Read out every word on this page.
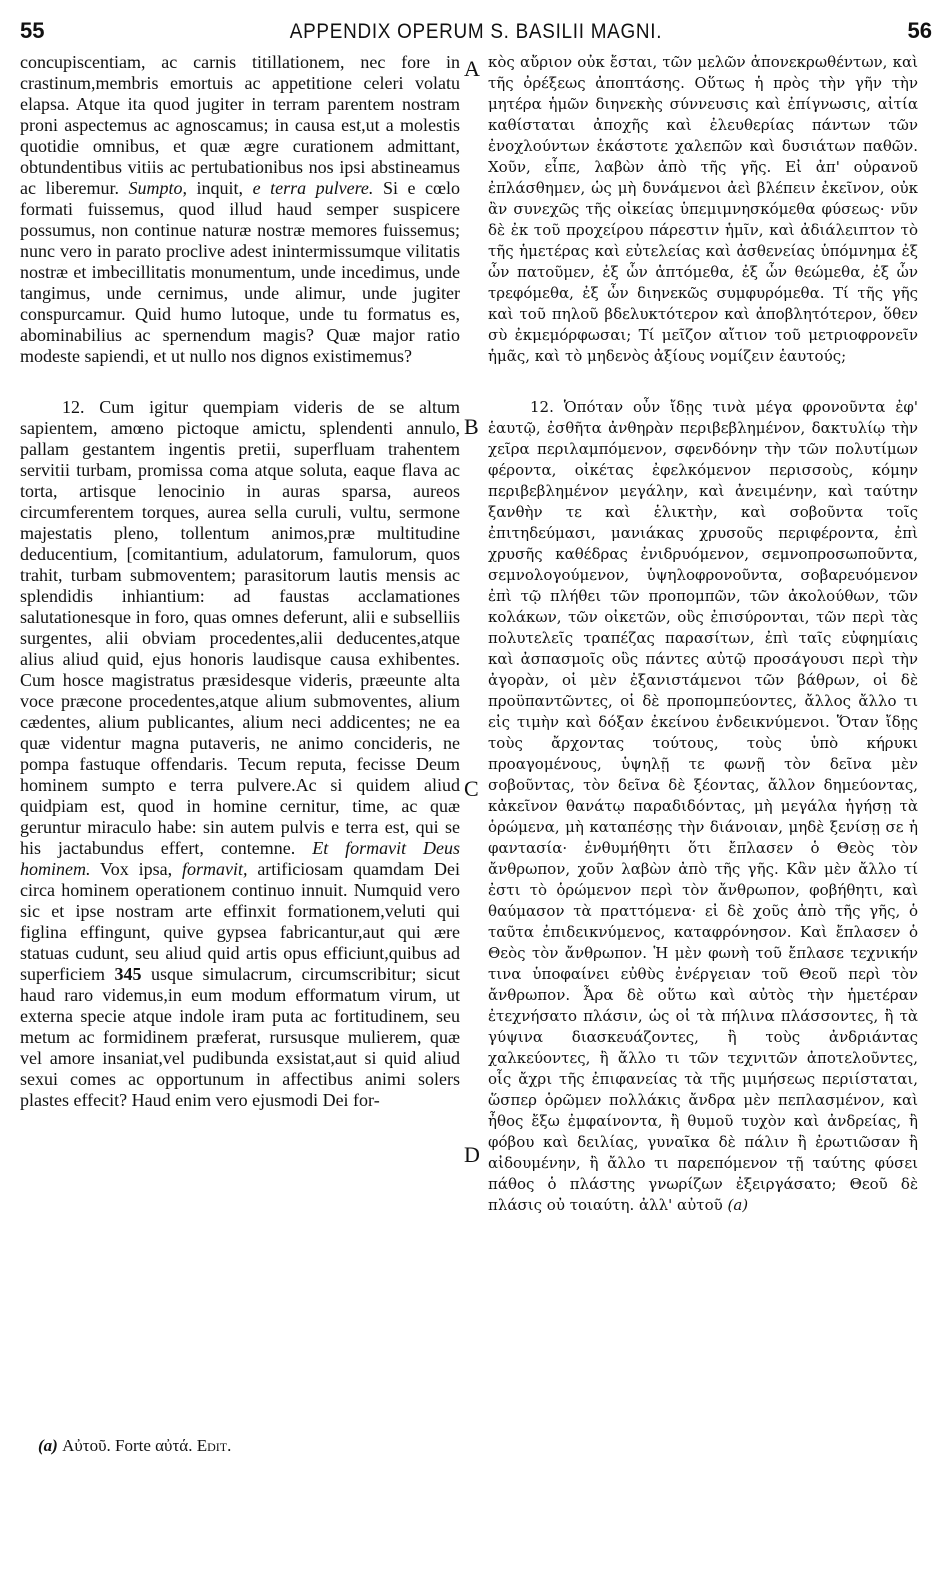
55	APPENDIX OPERUM S. BASILII MAGNI.	56

concupiscentiam, ac carnis titillationem, nec fore in crastinum,membris emortuis ac appetitione celeri volatu elapsa. Atque ita quod jugiter in terram parentem nostram proni aspectemus ac agnoscamus; in causa est,ut a molestis quotidie omnibus, et quæ ægre curationem admittant, obtundentibus vitiis ac pertubationibus nos ipsi abstineamus ac liberemur. Sumpto, inquit, e terra pulvere. Si e cœlo formati fuissemus, quod illud haud semper suspicere possumus, non continue naturæ nostræ memores fuissemus; nunc vero in parato proclive adest inintermissumque vilitatis nostræ et imbecillitatis monumentum, unde incedimus, unde tangimus, unde cernimus, unde alimur, unde jugiter conspurcamur. Quid humo lutoque, unde tu formatus es, abominabilius ac spernendum magis? Quæ major ratio modeste sapiendi, et ut nullo nos dignos existimemus?

12. Cum igitur quempiam videris de se altum sapientem, amœno pictoque amictu, splendenti annulo, pallam gestantem ingentis pretii, superfluam trahentem servitii turbam, promissa coma atque soluta, eaque flava ac torta, artisque lenocinio in auras sparsa, aureos circumferentem torques, aurea sella curuli, vultu, sermone majestatis pleno, tollentum animos,præ multitudine deducentium, [comitantium, adulatorum, famulorum, quos trahit, turbam submoventem; parasitorum lautis mensis ac splendidis inhiantium: ad faustas acclamationes salutationesque in foro, quas omnes deferunt, alii e subselliis surgentes, alii obviam procedentes,alii deducentes,atque alius aliud quid, ejus honoris laudisque causa exhibentes. Cum hosce magistratus præsidesque videris, præeunte alta voce præcone procedentes,atque alium submoventes, alium cædentes, alium publicantes, alium neci addicentes; ne ea quæ videntur magna putaveris, ne animo concideris, ne pompa fastuque offendaris. Tecum reputa, fecisse Deum hominem sumpto e terra pulvere.Ac si quidem aliud quidpiam est, quod in homine cernitur, time, ac quæ geruntur miraculo habe: sin autem pulvis e terra est, qui se his jactabundus effert, contemne. Et formavit Deus hominem. Vox ipsa, formavit, artificiosam quamdam Dei circa hominem operationem continuo innuit. Numquid vero sic et ipse nostram arte effinxit formationem,veluti qui figlina effingunt, quive gypsea fabricantur,aut qui ære statuas cudunt, seu aliud quid artis opus efficiunt,quibus ad superficiem 345 usque simulacrum, circumscribitur; sicut haud raro videmus,in eum modum efformatum virum, ut externa specie atque indole iram puta ac fortitudinem, seu metum ac formidinem præferat, rursusque mulierem, quæ vel amore insaniat,vel pudibunda exsistat,aut si quid aliud sexui comes ac opportunum in affectibus animi solers plastes effecit? Haud enim vero ejusmodi Dei for-

A
B
C
D

κὸς αὔριον οὐκ ἔσται, τῶν μελῶν ἀπονεκρωθέντων, καὶ τῆς ὀρέξεως ἀποπτάσης. Οὕτως ἡ πρὸς τὴν γῆν τὴν μητέρα ἡμῶν διηνεκὴς σύννευσις καὶ ἐπίγνωσις, αἰτία καθίσταται ἀποχῆς καὶ ἐλευθερίας πάντων τῶν ἐνοχλούντων ἑκάστοτε χαλεπῶν καὶ δυσιάτων παθῶν. Χοῦν, εἶπε, λαβὼν ἀπὸ τῆς γῆς. Εἰ ἀπ' οὐρανοῦ ἐπλάσθημεν, ὡς μὴ δυνάμενοι ἀεὶ βλέπειν ἐκεῖνον, οὐκ ἂν συνεχῶς τῆς οἰκείας ὑπεμιμνησκόμεθα φύσεως· νῦν δὲ ἐκ τοῦ προχείρου πάρεστιν ἡμῖν, καὶ ἀδιάλειπτον τὸ τῆς ἡμετέρας καὶ εὐτελείας καὶ ἀσθενείας ὑπόμνημα ἐξ ὧν πατοῦμεν, ἐξ ὧν ἁπτόμεθα, ἐξ ὧν θεώμεθα, ἐξ ὧν τρεφόμεθα, ἐξ ὧν διηνεκῶς συμφυρόμεθα. Τί τῆς γῆς καὶ τοῦ πηλοῦ βδελυκτότερον καὶ ἀποβλητότερον, ὅθεν σὺ ἐκμεμόρφωσαι; Τί μεῖζον αἴτιον τοῦ μετριοφρονεῖν ἡμᾶς, καὶ τὸ μηδενὸς ἀξίους νομίζειν ἑαυτούς;

12. Ὁπόταν οὖν ἴδῃς τινὰ μέγα φρονοῦντα ἐφ' ἑαυτῷ, ἐσθῆτα ἀνθηρὰν περιβεβλημένον, δακτυλίῳ τὴν χεῖρα περιλαμπόμενον, σφενδόνην τὴν τῶν πολυτίμων φέροντα, οἰκέτας ἐφελκόμενον περισσοὺς, κόμην περιβεβλημένον μεγάλην, καὶ ἀνειμένην, καὶ ταύτην ξανθὴν τε καὶ ἑλικτὴν, καὶ σοβοῦντα τοῖς ἐπιτηδεύμασι, μανιάκας χρυσοῦς περιφέροντα, ἐπὶ χρυσῆς καθέδρας ἐνιδρυόμενον, σεμνοπροσωποῦντα, σεμνολογούμενον, ὑψηλοφρονοῦντα, σοβαρευόμενον ἐπὶ τῷ πλήθει τῶν προπομπῶν, τῶν ἀκολούθων, τῶν κολάκων, τῶν οἰκετῶν, οὓς ἐπισύρονται, τῶν περὶ τὰς πολυτελεῖς τραπέζας παρασίτων, ἐπὶ ταῖς εὐφημίαις καὶ ἀσπασμοῖς οὓς πάντες αὐτῷ προσάγουσι περὶ τὴν ἀγορὰν, οἱ μὲν ἐξανιστάμενοι τῶν βάθρων, οἱ δὲ προϋπαντῶντες, οἱ δὲ προπομπεύοντες, ἄλλος ἄλλο τι εἰς τιμὴν καὶ δόξαν ἐκείνου ἐνδεικνύμενοι. Ὅταν ἴδῃς τοὺς ἄρχοντας τούτους, τοὺς ὑπὸ κήρυκι προαγομένους, ὑψηλῇ τε φωνῇ τὸν δεῖνα μὲν σοβοῦντας, τὸν δεῖνα δὲ ξέοντας, ἄλλον δημεύοντας, κἀκεῖνον θανάτῳ παραδιδόντας, μὴ μεγάλα ἡγήσῃ τὰ ὁρώμενα, μὴ καταπέσῃς τὴν διάνοιαν, μηδὲ ξενίσῃ σε ἡ φαντασία· ἐνθυμήθητι ὅτι ἔπλασεν ὁ Θεὸς τὸν ἄνθρωπον, χοῦν λαβὼν ἀπὸ τῆς γῆς. Κἂν μὲν ἄλλο τί ἐστι τὸ ὁρώμενον περὶ τὸν ἄνθρωπον, φοβήθητι, καὶ θαύμασον τὰ πραττόμενα· εἰ δὲ χοῦς ἀπὸ τῆς γῆς, ὁ ταῦτα ἐπιδεικνύμενος, καταφρόνησον. Καὶ ἔπλασεν ὁ Θεὸς τὸν ἄνθρωπον. Ἡ μὲν φωνὴ τοῦ ἔπλασε τεχνικήν τινα ὑποφαίνει εὐθὺς ἐνέργειαν τοῦ Θεοῦ περὶ τὸν ἄνθρωπον. Ἆρα δὲ οὕτω καὶ αὐτὸς τὴν ἡμετέραν ἐτεχνήσατο πλάσιν, ὡς οἱ τὰ πήλινα πλάσσοντες, ἢ τὰ γύψινα διασκευάζοντες, ἢ τοὺς ἀνδριάντας χαλκεύοντες, ἢ ἄλλο τι τῶν τεχνιτῶν ἀποτελοῦντες, οἷς ἄχρι τῆς ἐπιφανείας τὰ τῆς μιμήσεως περιίσταται, ὥσπερ ὁρῶμεν πολλάκις ἄνδρα μὲν πεπλασμένον, καὶ ἦθος ἔξω ἐμφαίνοντα, ἢ θυμοῦ τυχὸν καὶ ἀνδρείας, ἢ φόβου καὶ δειλίας, γυναῖκα δὲ πάλιν ἢ ἐρωτιῶσαν ἢ αἰδουμένην, ἢ ἄλλο τι παρεπόμενον τῇ ταύτης φύσει πάθος ὁ πλάστης γνωρίζων ἐξειργάσατο; Θεοῦ δὲ πλάσις οὐ τοιαύτη. ἀλλ' αὐτοῦ (a)

(a) Αὐτοῦ. Forte αὐτά. Edit.
